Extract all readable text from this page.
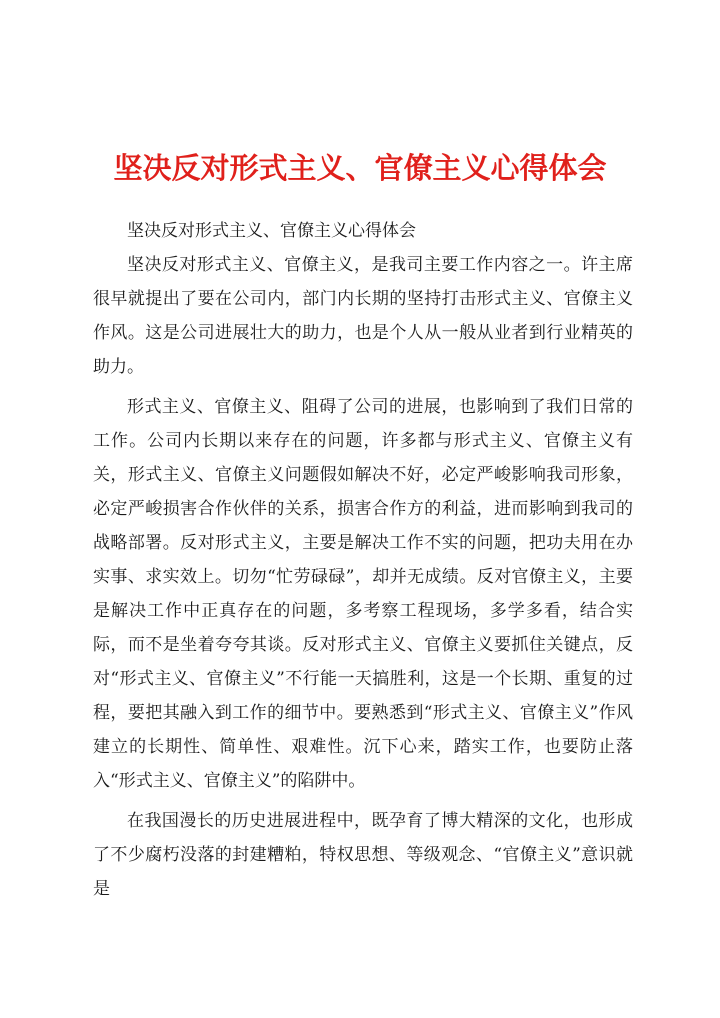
坚决反对形式主义、官僚主义心得体会

坚决反对形式主义、官僚主义心得体会

坚决反对形式主义、官僚主义，是我司主要工作内容之一。许主席很早就提出了要在公司内，部门内长期的坚持打击形式主义、官僚主义作风。这是公司进展壮大的助力，也是个人从一般从业者到行业精英的助力。

形式主义、官僚主义、阻碍了公司的进展，也影响到了我们日常的工作。公司内长期以来存在的问题，许多都与形式主义、官僚主义有关，形式主义、官僚主义问题假如解决不好，必定严峻影响我司形象，必定严峻损害合作伙伴的关系，损害合作方的利益，进而影响到我司的战略部署。反对形式主义，主要是解决工作不实的问题，把功夫用在办实事、求实效上。切勿“忙劳碌碌”，却并无成绩。反对官僚主义，主要是解决工作中正真存在的问题，多考察工程现场，多学多看，结合实际，而不是坐着夸夸其谈。反对形式主义、官僚主义要抓住关键点，反对“形式主义、官僚主义”不行能一天搞胜利，这是一个长期、重复的过程，要把其融入到工作的细节中。要熟悉到“形式主义、官僚主义”作风建立的长期性、简单性、艰难性。沉下心来，踏实工作，也要防止落入“形式主义、官僚主义”的陷阱中。

在我国漫长的历史进展进程中，既孕育了博大精深的文化，也形成了不少腐朽没落的封建糟粕，特权思想、等级观念、“官僚主义”意识就是
